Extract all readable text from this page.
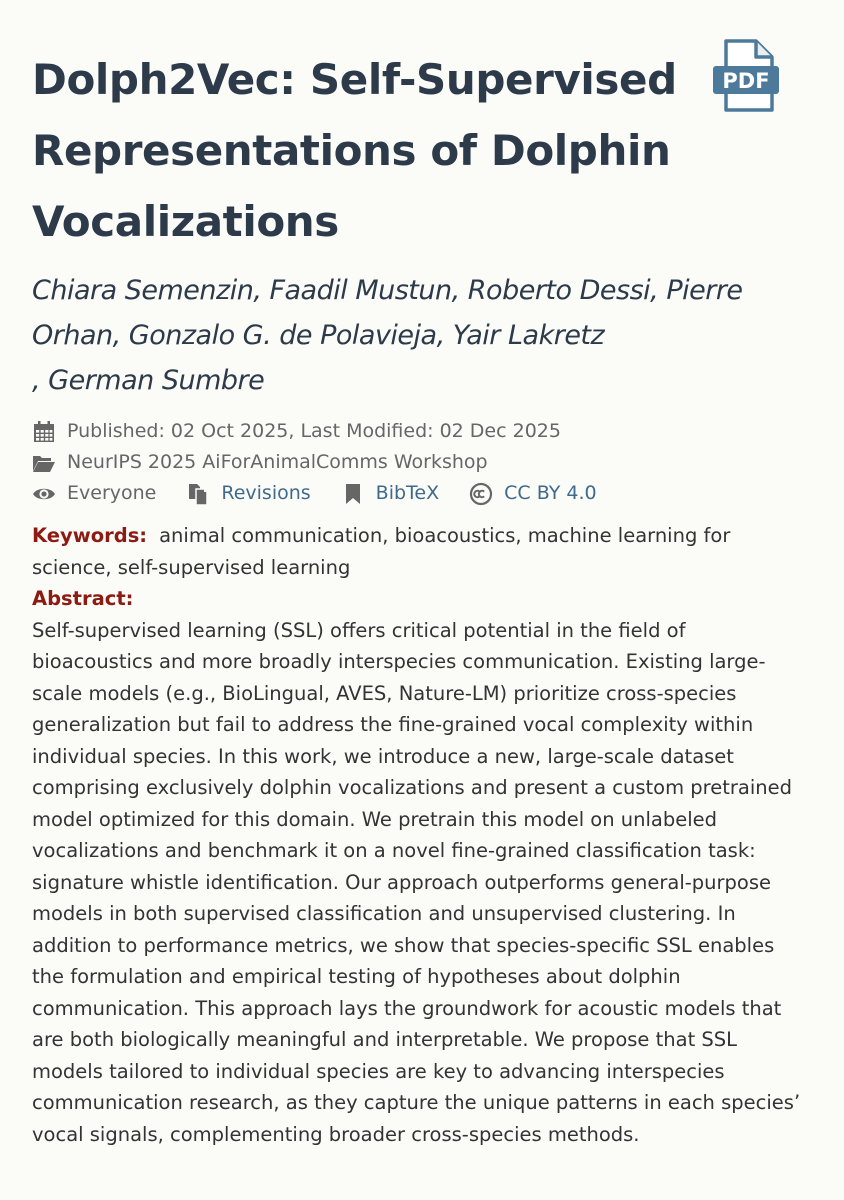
Dolph2Vec: Self-Supervised Representations of Dolphin Vocalizations
PDF

Chiara Semenzin, Faadil Mustun, Roberto Dessi, Pierre Orhan, Gonzalo G. de Polavieja, Yair Lakretz
, German Sumbre

Published: 02 Oct 2025, Last Modified: 02 Dec 2025
NeurIPS 2025 AiForAnimalComms Workshop
Everyone	Revisions	BibTeX	CC BY 4.0

Keywords: animal communication, bioacoustics, machine learning for science, self-supervised learning

Abstract:

Self-supervised learning (SSL) offers critical potential in the field of bioacoustics and more broadly interspecies communication. Existing large-scale models (e.g., BioLingual, AVES, Nature-LM) prioritize cross-species generalization but fail to address the fine-grained vocal complexity within individual species. In this work, we introduce a new, large-scale dataset comprising exclusively dolphin vocalizations and present a custom pretrained model optimized for this domain. We pretrain this model on unlabeled vocalizations and benchmark it on a novel fine-grained classification task: signature whistle identification. Our approach outperforms general-purpose models in both supervised classification and unsupervised clustering. In addition to performance metrics, we show that species-specific SSL enables the formulation and empirical testing of hypotheses about dolphin communication. This approach lays the groundwork for acoustic models that are both biologically meaningful and interpretable. We propose that SSL models tailored to individual species are key to advancing interspecies communication research, as they capture the unique patterns in each species’ vocal signals, complementing broader cross-species methods.
